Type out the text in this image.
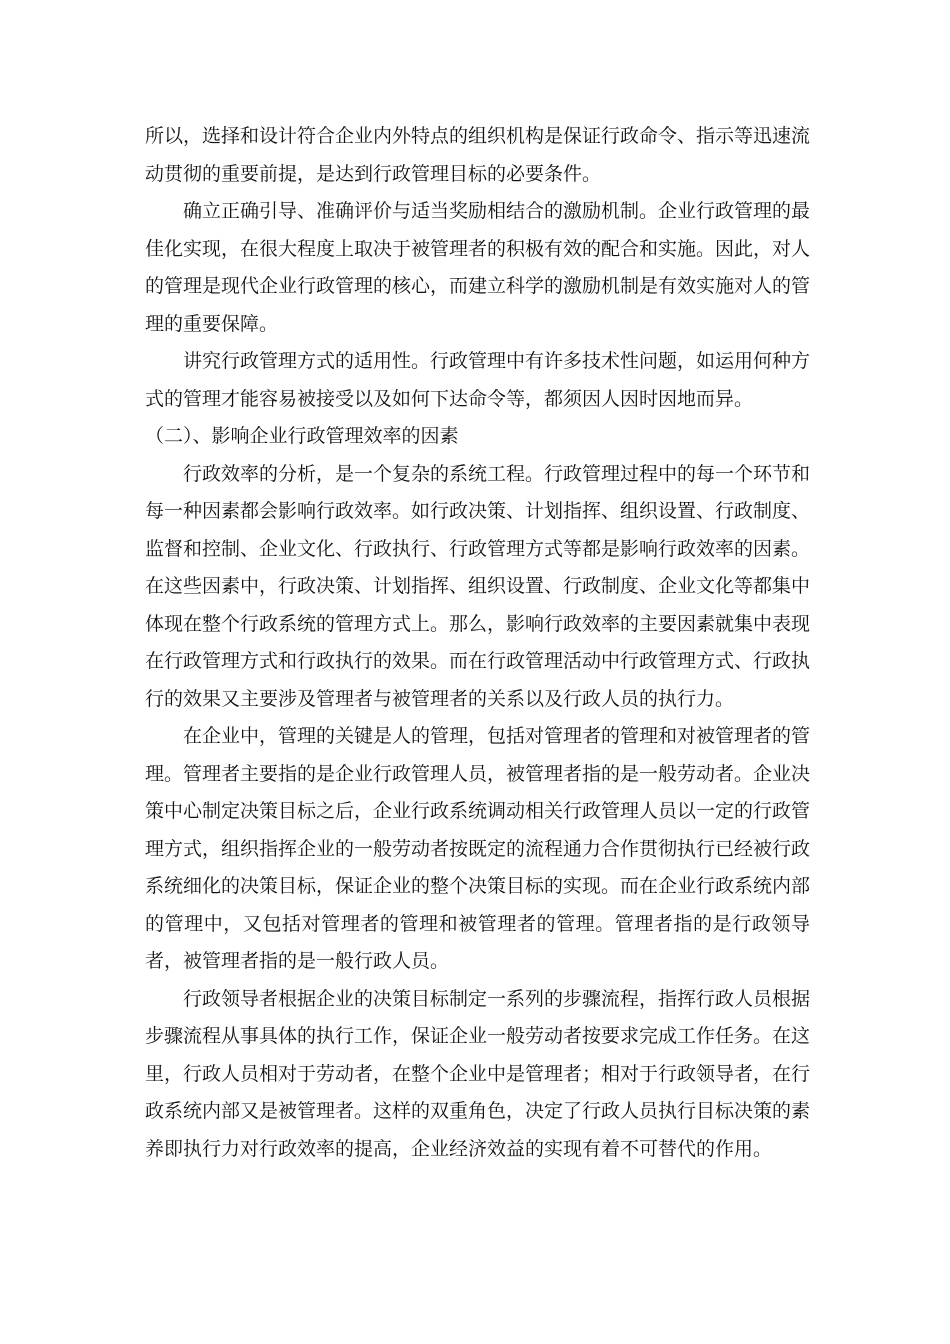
所以，选择和设计符合企业内外特点的组织机构是保证行政命令、指示等迅速流动贯彻的重要前提，是达到行政管理目标的必要条件。

确立正确引导、准确评价与适当奖励相结合的激励机制。企业行政管理的最佳化实现，在很大程度上取决于被管理者的积极有效的配合和实施。因此，对人的管理是现代企业行政管理的核心，而建立科学的激励机制是有效实施对人的管理的重要保障。

讲究行政管理方式的适用性。行政管理中有许多技术性问题，如运用何种方式的管理才能容易被接受以及如何下达命令等，都须因人因时因地而异。

（二）、影响企业行政管理效率的因素

行政效率的分析，是一个复杂的系统工程。行政管理过程中的每一个环节和每一种因素都会影响行政效率。如行政决策、计划指挥、组织设置、行政制度、监督和控制、企业文化、行政执行、行政管理方式等都是影响行政效率的因素。在这些因素中，行政决策、计划指挥、组织设置、行政制度、企业文化等都集中体现在整个行政系统的管理方式上。那么，影响行政效率的主要因素就集中表现在行政管理方式和行政执行的效果。而在行政管理活动中行政管理方式、行政执行的效果又主要涉及管理者与被管理者的关系以及行政人员的执行力。

在企业中，管理的关键是人的管理，包括对管理者的管理和对被管理者的管理。管理者主要指的是企业行政管理人员，被管理者指的是一般劳动者。企业决策中心制定决策目标之后，企业行政系统调动相关行政管理人员以一定的行政管理方式，组织指挥企业的一般劳动者按既定的流程通力合作贯彻执行已经被行政系统细化的决策目标，保证企业的整个决策目标的实现。而在企业行政系统内部的管理中，又包括对管理者的管理和被管理者的管理。管理者指的是行政领导者，被管理者指的是一般行政人员。

行政领导者根据企业的决策目标制定一系列的步骤流程，指挥行政人员根据步骤流程从事具体的执行工作，保证企业一般劳动者按要求完成工作任务。在这里，行政人员相对于劳动者，在整个企业中是管理者；相对于行政领导者，在行政系统内部又是被管理者。这样的双重角色，决定了行政人员执行目标决策的素养即执行力对行政效率的提高，企业经济效益的实现有着不可替代的作用。
